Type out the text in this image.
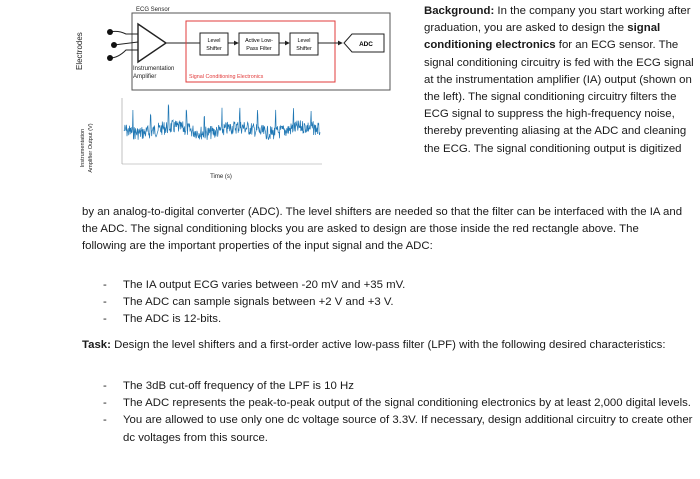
ECG Sensor
Electrodes	Instrumentation
Amplifier	Signal Conditioning Electronics
Level
Shifter
Active Low-
Pass Filter
Level
Shifter
ADC
Instrumentation Amplifier Output (V)
Time (s)
Background: In the company you start working after graduation, you are asked to design the signal conditioning electronics for an ECG sensor. The signal conditioning circuitry is fed with the ECG signal at the instrumentation amplifier (IA) output (shown on the left). The signal conditioning circuitry filters the ECG signal to suppress the high-frequency noise, thereby preventing aliasing at the ADC and cleaning the ECG. The signal conditioning output is digitized
by an analog-to-digital converter (ADC). The level shifters are needed so that the filter can be interfaced with the IA and the ADC. The signal conditioning blocks you are asked to design are those inside the red rectangle above. The following are the important properties of the input signal and the ADC:
- The IA output ECG varies between -20 mV and +35 mV.
- The ADC can sample signals between +2 V and +3 V.
- The ADC is 12-bits.
Task: Design the level shifters and a first-order active low-pass filter (LPF) with the following desired characteristics:
- The 3dB cut-off frequency of the LPF is 10 Hz
- The ADC represents the peak-to-peak output of the signal conditioning electronics by at least 2,000 digital levels.
- You are allowed to use only one dc voltage source of 3.3V. If necessary, design additional circuitry to create other dc voltages from this source.
